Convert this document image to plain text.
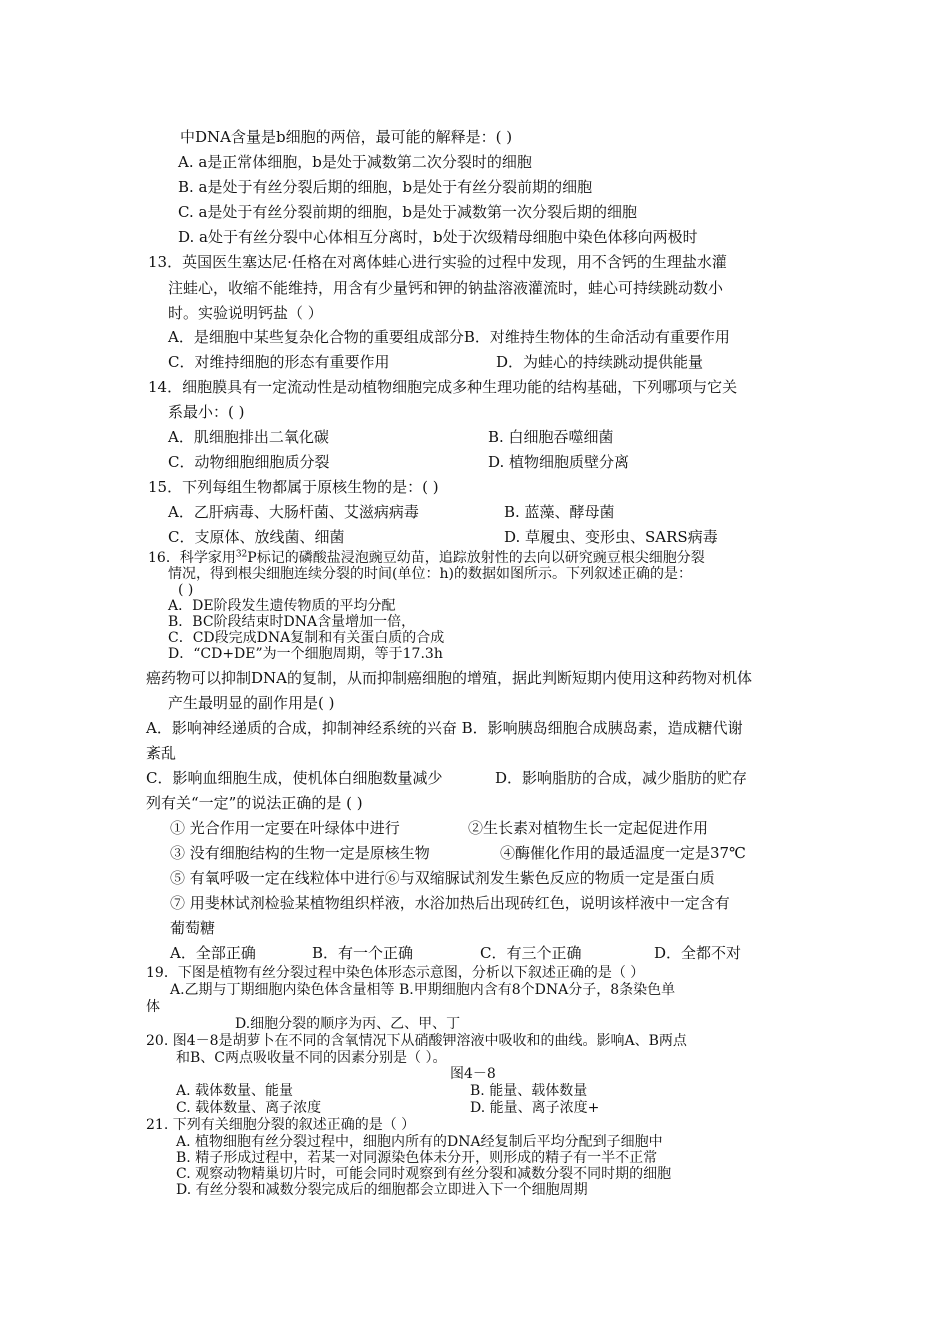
中DNA含量是b细胞的两倍，最可能的解释是：( )
A. a是正常体细胞，b是处于减数第二次分裂时的细胞
B. a是处于有丝分裂后期的细胞，b是处于有丝分裂前期的细胞
C. a是处于有丝分裂前期的细胞，b是处于减数第一次分裂后期的细胞
D. a处于有丝分裂中心体相互分离时，b处于次级精母细胞中染色体移向两极时
13．英国医生塞达尼·任格在对离体蛙心进行实验的过程中发现，用不含钙的生理盐水灌
注蛙心，收缩不能维持，用含有少量钙和钾的钠盐溶液灌流时，蛙心可持续跳动数小
时。实验说明钙盐（ ）
A．是细胞中某些复杂化合物的重要组成部分B．对维持生物体的生命活动有重要作用
C．对维持细胞的形态有重要作用	D．为蛙心的持续跳动提供能量
14．细胞膜具有一定流动性是动植物细胞完成多种生理功能的结构基础，下列哪项与它关
系最小：( )
A．肌细胞排出二氧化碳	B. 白细胞吞噬细菌
C．动物细胞细胞质分裂	D. 植物细胞质壁分离
15．下列每组生物都属于原核生物的是：( )
A．乙肝病毒、大肠杆菌、艾滋病病毒	B. 蓝藻、酵母菌
C．支原体、放线菌、细菌	D. 草履虫、变形虫、SARS病毒
16．科学家用$^{32}$P标记的磷酸盐浸泡豌豆幼苗，追踪放射性的去向以研究豌豆根尖细胞分裂
情况，得到根尖细胞连续分裂的时间(单位：h)的数据如图所示。下列叙述正确的是：
( )
A．DE阶段发生遗传物质的平均分配
B．BC阶段结束时DNA含量增加一倍，
C．CD段完成DNA复制和有关蛋白质的合成
D．“CD+DE”为一个细胞周期，等于17.3h
癌药物可以抑制DNA的复制，从而抑制癌细胞的增殖，据此判断短期内使用这种药物对机体
产生最明显的副作用是( )
A．影响神经递质的合成，抑制神经系统的兴奋 B．影响胰岛细胞合成胰岛素，造成糖代谢
紊乱
C．影响血细胞生成，使机体白细胞数量减少	D．影响脂肪的合成，减少脂肪的贮存
列有关“一定”的说法正确的是 ( )
① 光合作用一定要在叶绿体中进行	②生长素对植物生长一定起促进作用
③ 没有细胞结构的生物一定是原核生物	④酶催化作用的最适温度一定是37℃
⑤ 有氧呼吸一定在线粒体中进行⑥与双缩脲试剂发生紫色反应的物质一定是蛋白质
⑦ 用斐林试剂检验某植物组织样液，水浴加热后出现砖红色，说明该样液中一定含有
葡萄糖
A．全部正确	B．有一个正确	C．有三个正确	D．全都不对
19．下图是植物有丝分裂过程中染色体形态示意图，分析以下叙述正确的是（ ）
A.乙期与丁期细胞内染色体含量相等 B.甲期细胞内含有8个DNA分子，8条染色单
体
D.细胞分裂的顺序为丙、乙、甲、丁
20. 图4－8是胡萝卜在不同的含氧情况下从硝酸钾溶液中吸收和的曲线。影响A、B两点
和B、C两点吸收量不同的因素分别是（ ）。
图4－8
A. 载体数量、能量	B. 能量、载体数量
C. 载体数量、离子浓度	D. 能量、离子浓度+
21. 下列有关细胞分裂的叙述正确的是（ ）
A. 植物细胞有丝分裂过程中，细胞内所有的DNA经复制后平均分配到子细胞中
B. 精子形成过程中，若某一对同源染色体未分开，则形成的精子有一半不正常
C. 观察动物精巢切片时，可能会同时观察到有丝分裂和减数分裂不同时期的细胞
D. 有丝分裂和减数分裂完成后的细胞都会立即进入下一个细胞周期
